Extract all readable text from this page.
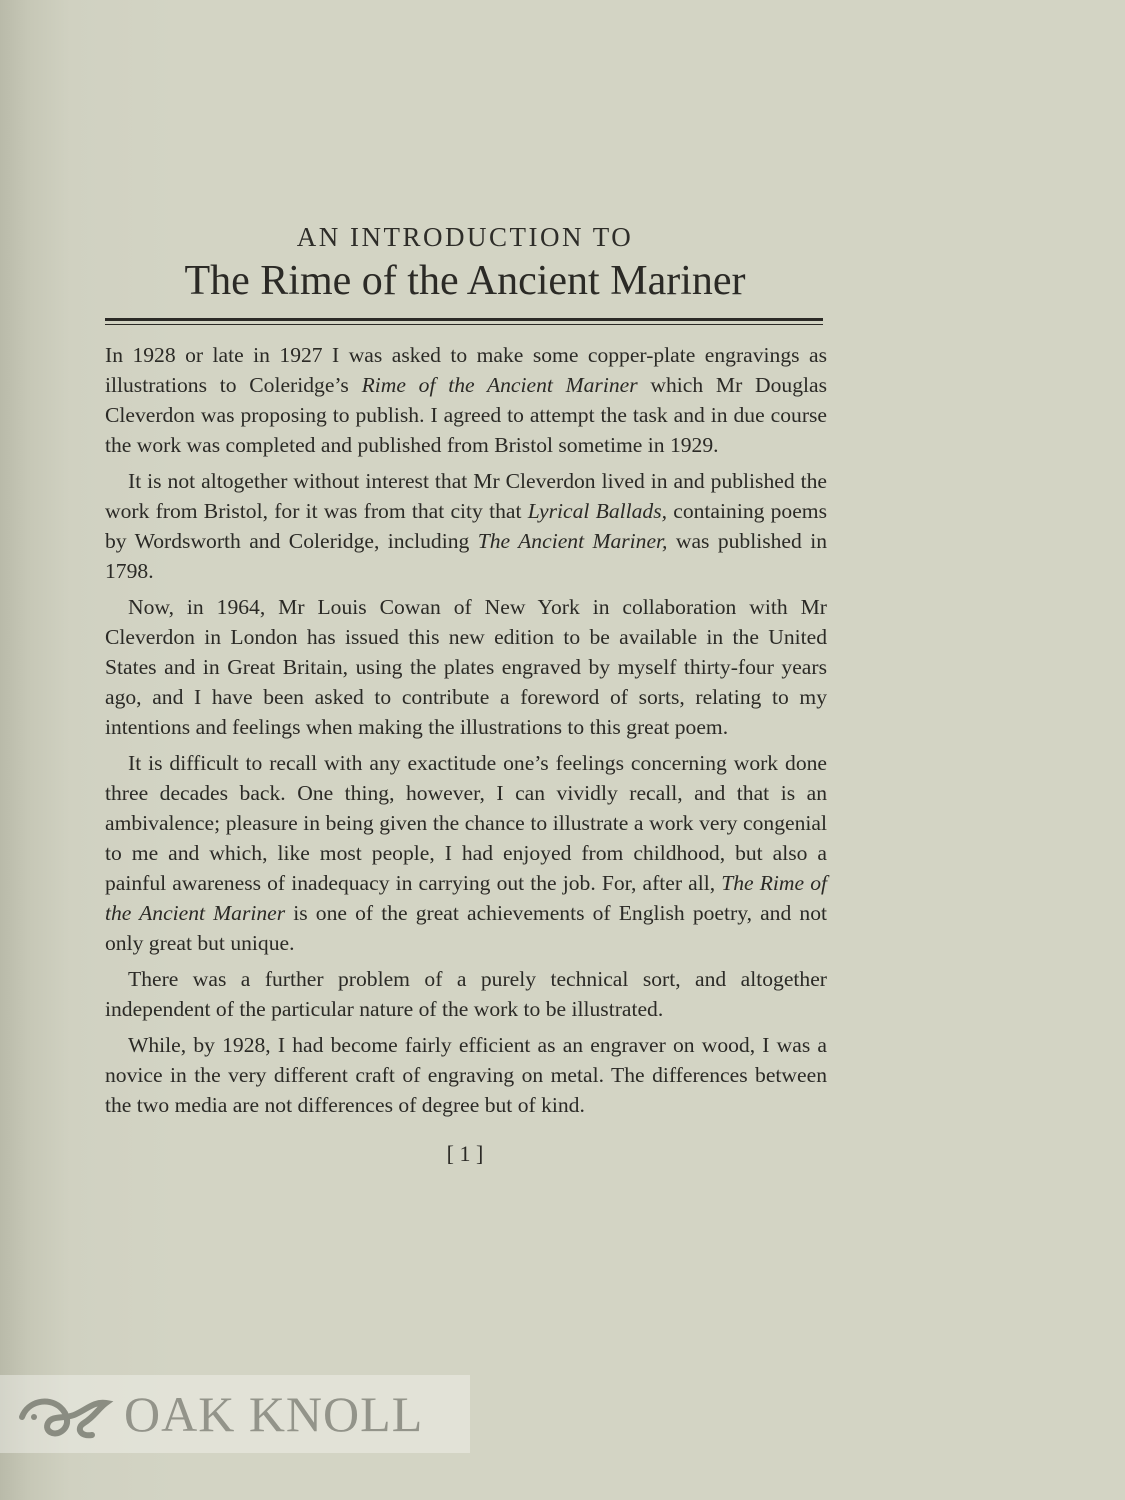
AN INTRODUCTION TO
The Rime of the Ancient Mariner

In 1928 or late in 1927 I was asked to make some copper-plate engravings as illustrations to Coleridge’s Rime of the Ancient Mariner which Mr Douglas Cleverdon was proposing to publish. I agreed to attempt the task and in due course the work was completed and published from Bristol sometime in 1929.

It is not altogether without interest that Mr Cleverdon lived in and published the work from Bristol, for it was from that city that Lyrical Ballads, containing poems by Wordsworth and Coleridge, including The Ancient Mariner, was published in 1798.

Now, in 1964, Mr Louis Cowan of New York in collaboration with Mr Cleverdon in London has issued this new edition to be available in the United States and in Great Britain, using the plates engraved by myself thirty-four years ago, and I have been asked to contribute a foreword of sorts, relating to my intentions and feelings when making the illustrations to this great poem.

It is difficult to recall with any exactitude one’s feelings concerning work done three decades back. One thing, however, I can vividly recall, and that is an ambivalence; pleasure in being given the chance to illustrate a work very congenial to me and which, like most people, I had enjoyed from childhood, but also a painful awareness of inadequacy in carrying out the job. For, after all, The Rime of the Ancient Mariner is one of the great achievements of English poetry, and not only great but unique.

There was a further problem of a purely technical sort, and altogether independent of the particular nature of the work to be illustrated.

While, by 1928, I had become fairly efficient as an engraver on wood, I was a novice in the very different craft of engraving on metal. The differences between the two media are not differences of degree but of kind.

[ 1 ]
OAK KNOLL
